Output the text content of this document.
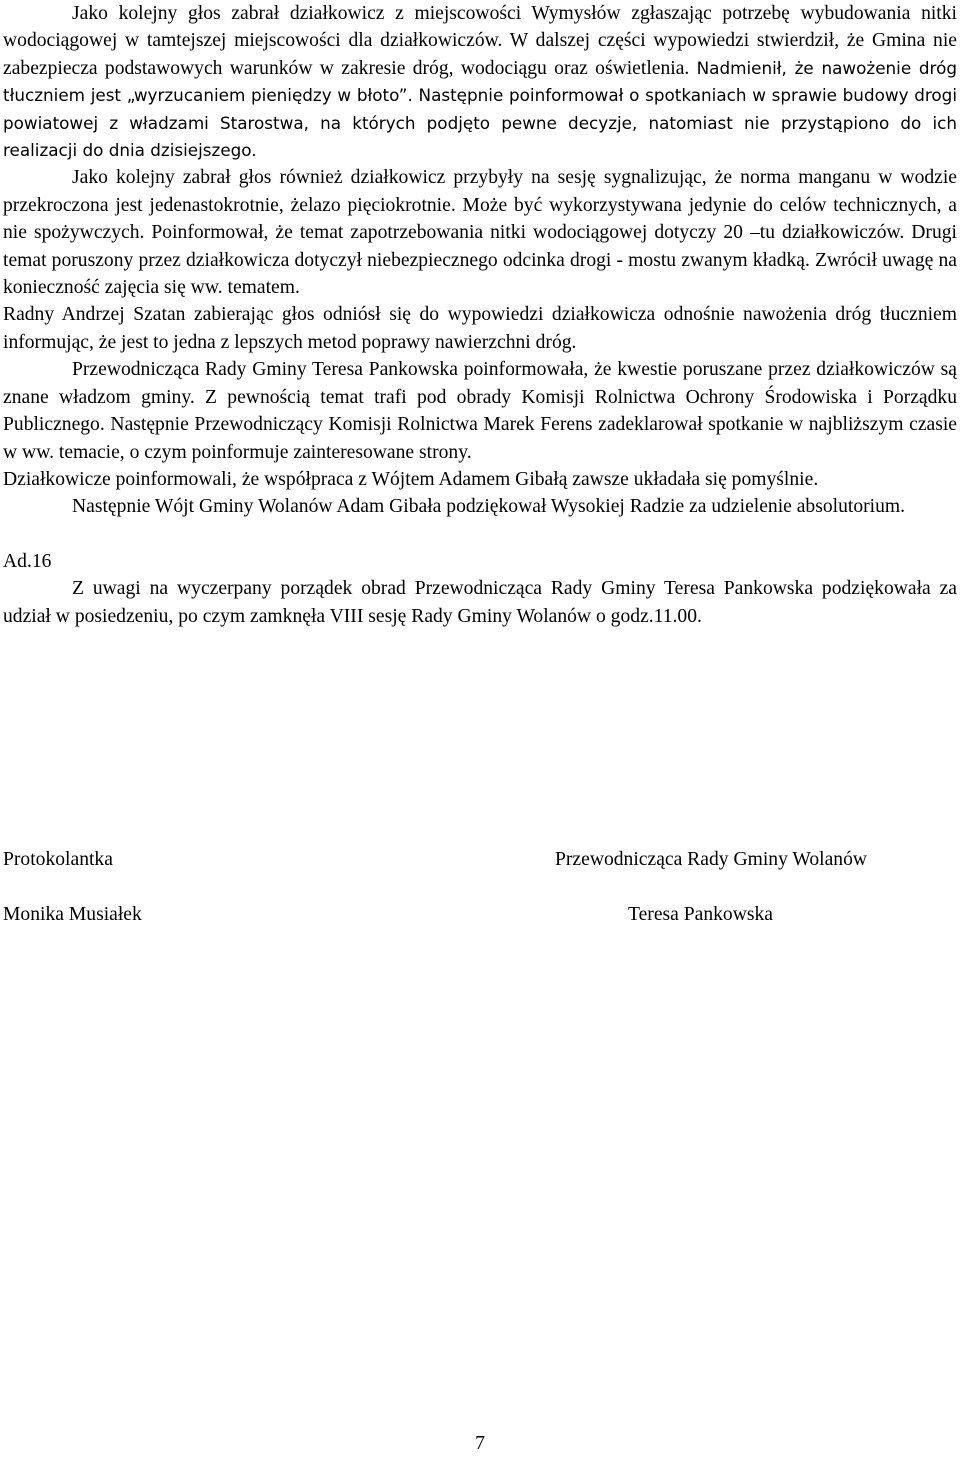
Jako kolejny głos zabrał działkowicz z miejscowości Wymysłów zgłaszając potrzebę wybudowania nitki wodociągowej w tamtejszej miejscowości dla działkowiczów. W dalszej części wypowiedzi stwierdził, że Gmina nie zabezpiecza podstawowych warunków w zakresie dróg, wodociągu oraz oświetlenia. Nadmienił, że nawożenie dróg tłuczniem jest „wyrzucaniem pieniędzy w błoto”. Następnie poinformował o spotkaniach w sprawie budowy drogi powiatowej z władzami Starostwa, na których podjęto pewne decyzje, natomiast nie przystąpiono do ich realizacji do dnia dzisiejszego.

Jako kolejny zabrał głos również działkowicz przybyły na sesję sygnalizując, że norma manganu w wodzie przekroczona jest jedenastokrotnie, żelazo pięciokrotnie. Może być wykorzystywana jedynie do celów technicznych, a nie spożywczych. Poinformował, że temat zapotrzebowania nitki wodociągowej dotyczy 20 –tu działkowiczów. Drugi temat poruszony przez działkowicza dotyczył niebezpiecznego odcinka drogi - mostu zwanym kładką. Zwrócił uwagę na konieczność zajęcia się ww. tematem.

Radny Andrzej Szatan zabierając głos odniósł się do wypowiedzi działkowicza odnośnie nawożenia dróg tłuczniem informując, że jest to jedna z lepszych metod poprawy nawierzchni dróg.

Przewodnicząca Rady Gminy Teresa Pankowska poinformowała, że kwestie poruszane przez działkowiczów są znane władzom gminy. Z pewnością temat trafi pod obrady Komisji Rolnictwa Ochrony Środowiska i Porządku Publicznego. Następnie Przewodniczący Komisji Rolnictwa Marek Ferens zadeklarował spotkanie w najbliższym czasie w ww. temacie, o czym poinformuje zainteresowane strony.

Działkowicze poinformowali, że współpraca z Wójtem Adamem Gibałą zawsze układała się pomyślnie.

Następnie Wójt Gminy Wolanów Adam Gibała podziękował Wysokiej Radzie za udzielenie absolutorium.

Ad.16

Z uwagi na wyczerpany porządek obrad Przewodnicząca Rady Gminy Teresa Pankowska podziękowała za udział w posiedzeniu, po czym zamknęła VIII sesję Rady Gminy Wolanów o godz.11.00.

Protokolantka	Przewodnicząca Rady Gminy Wolanów
Monika Musiałek	Teresa Pankowska
7
